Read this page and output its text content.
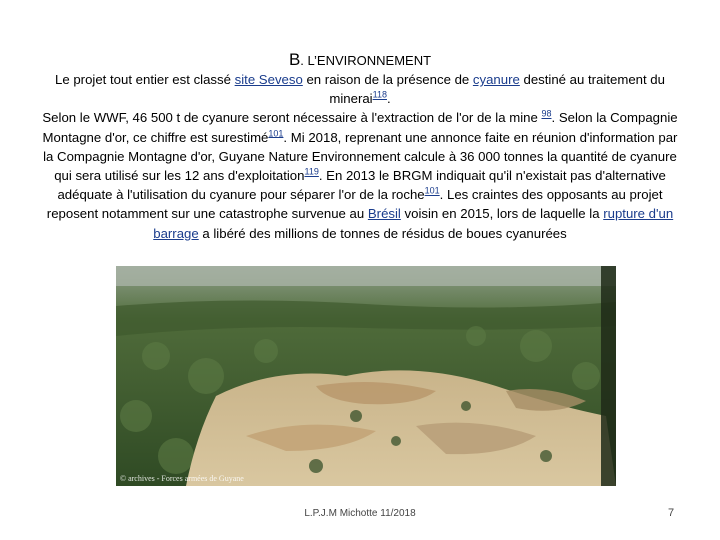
B. L’ENVIRONNEMENT

Le projet tout entier est classé site Seveso en raison de la présence de cyanure destiné au traitement du minerai$^{118}$.

Selon le WWF, 46 500 t de cyanure seront nécessaire à l'extraction de l'or de la mine $^{98}$. Selon la Compagnie Montagne d'or, ce chiffre est surestimé$^{101}$. Mi 2018, reprenant une annonce faite en réunion d'information par la Compagnie Montagne d'or, Guyane Nature Environnement calcule à 36 000 tonnes la quantité de cyanure qui sera utilisé sur les 12 ans d'exploitation$^{119}$. En 2013 le BRGM indiquait qu'il n'existait pas d'alternative adéquate à l'utilisation du cyanure pour séparer l'or de la roche$^{101}$. Les craintes des opposants au projet reposent notamment sur une catastrophe survenue au Brésil voisin en 2015, lors de laquelle la rupture d'un barrage a libéré des millions de tonnes de résidus de boues cyanurées

© archives - Forces armées de Guyane
L.P.J.M Michotte 11/2018	7
